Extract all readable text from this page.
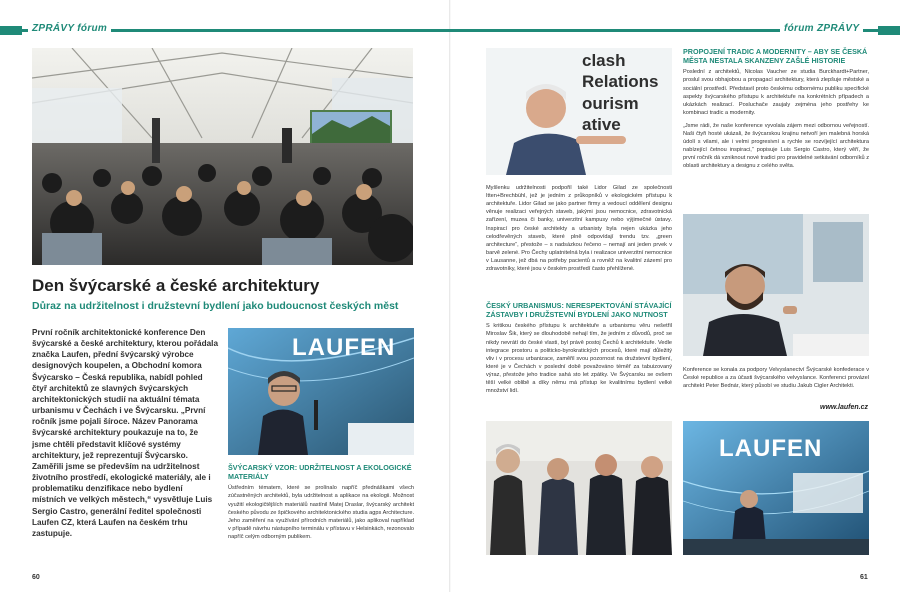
ZPRÁVY fórum	fórum ZPRÁVY
Den švýcarské a české architektury
Důraz na udržitelnost i družstevní bydlení jako budoucnost českých měst
První ročník architektonické konference Den švýcarské a české architektury, kterou pořádala značka Laufen, přední švýcarský výrobce designových koupelen, a Obchodní komora Švýcarsko – Česká republika, nabídl pohled čtyř architektů ze slavných švýcarských architektonických studií na aktuální témata urbanismu v Čechách i ve Švýcarsku. „První ročník jsme pojali šíroce. Název Panorama švýcarské architektury poukazuje na to, že jsme chtěli představit klíčové systémy architektury, jež reprezentují Švýcarsko. Zaměřili jsme se především na udržitelnost životního prostředí, ekologické materiály, ale i problematiku denzifikace nebo bydlení místních ve velkých městech,“ vysvětluje Luis Sergio Castro, generální ředitel společnosti Laufen CZ, která Laufen na českém trhu zastupuje.
LAUFEN
ŠVÝCARSKÝ VZOR: UDRŽITELNOST A EKOLOGICKÉ MATERIÁLY
Ústředním tématem, které se prolínalo napříč přednáškami všech zúčastněných architektů, byla udržitelnost a aplikace na ekologii. Možnost využití ekologičtějších materiálů nastínil Matej Draslar, švýcarský architekt českého původu ze špičkového architektonického studia agps Architecture. Jeho zaměření na využívání přírodních materiálů, jako aplikoval například v případě návrhu nástupního terminálu v přístavu v Helsinkách, rezonovalo napříč celým odborným publikem.
60
clash
Relations
ourism
ative
Myšlenku udržitelnosti podpořil také Lidor Gilad ze společnosti Itten+Brechbühl, jež je jedním z průkopníků v ekologickém přístupu k architektuře. Lidor Gilad se jako partner firmy a vedoucí oddělení designu věnuje realizaci veřejných staveb, jakými jsou nemocnice, zdravotnická zařízení, muzea či banky, univerzitní kampusy nebo výjimečné ústavy. Inspirací pro české architekty a urbanisty byla nejen ukázka jeho celodřevěných staveb, které plně odpovídají trendu tzv. „green architecture“, přestože – s nadsázkou řečeno – nemají ani jeden prvek v barvě zelené. Pro Čechy uplatnitelná byla i realizace univerzitní nemocnice v Lausanne, jež dbá na potřeby pacientů a rovněž na kvalitní zázemí pro zdravotníky, které jsou v českém prostředí často přehlížené.
ČESKÝ URBANISMUS: NERESPEKTOVÁNÍ STÁVAJÍCÍ ZÁSTAVBY I DRUŽSTEVNÍ BYDLENÍ JAKO NUTNOST
S kritikou českého přístupu k architektuře a urbanismu věru nešetřil Miroslav Šik, který se dlouhodobě nehají tím, že jedním z důvodů, proč se nikdy nevrátí do české vlasti, byl právě postoj Čechů k architektuře. Vedle integrace prostoru a politicko-byrokratických procesů, které mají důležitý vliv i v procesu urbanizace, zaměřil svou pozornost na družstevní bydlení, které je v Čechách v poslední době považováno téměř za tabuizovaný výraz, přestože jeho tradice sahá sto let zpátky. Ve Švýcarsku se ovšem těší velké oblibě a díky němu má přístup ke kvalitnímu bydlení velké množství lidí.
PROPOJENÍ TRADIC A MODERNITY – ABY SE ČESKÁ MĚSTA NESTALA SKANZENY ZAŠLÉ HISTORIE
Poslední z architektů, Nicolas Vaucher ze studia Burckhardt+Partner, proslul svou obhajobou a propagací architektury, která zlepšuje městské a sociální prostředí. Představil proto českému odbornému publiku specifické aspekty švýcarského přístupu k architektuře na konkrétních případech a ukázkách realizací. Posluchače zaujaly zejména jeho postřehy ke kombinaci tradic a modernity.
„Jsme rádi, že naše konference vyvolala zájem mezi odbornou veřejností. Naši čtyři hosté ukázali, že švýcarskou krajinu netvoří jen malebná horská údolí s vilami, ale i velmi progresivní a rychle se rozvíjející architektura nabízející četnou inspiraci,“ popisuje Luis Sergio Castro, který věří, že první ročník dá vzniknout nové tradici pro pravidelné setkávání odborníků z oblasti architektury a designu z celého světa.
Konference se konala za podpory Velvyslanectví Švýcarské konfederace v České republice a za účasti švýcarského velvyslance. Konferenci provázel architekt Peter Bednár, který působí ve studiu Jakub Cigler Architekti.
www.laufen.cz
LAUFEN
61
